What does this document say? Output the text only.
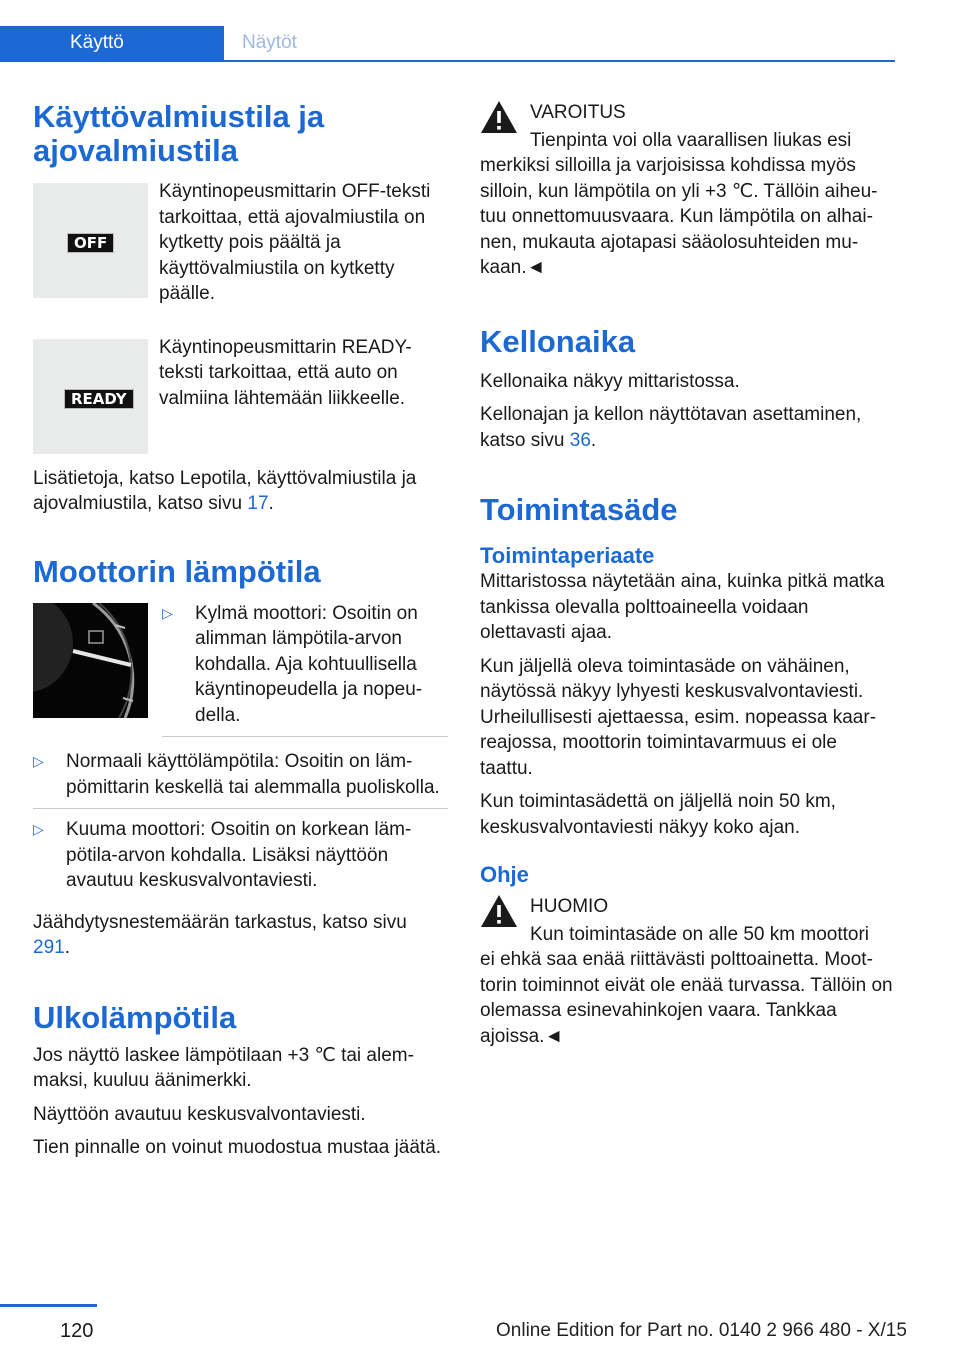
Käyttö	Näytöt
Käyttövalmiustila ja ajovalmiustila
OFF

Käyntinopeusmittarin OFF-teksti tarkoittaa, että ajovalmiustila on kytketty pois päältä ja käyttövalmiustila on kytketty päälle.

READY

Käyntinopeusmittarin READY-teksti tarkoittaa, että auto on valmiina lähtemään liikkeelle.

Lisätietoja, katso Lepotila, käyttövalmiustila ja ajovalmiustila, katso sivu 17.

Moottorin lämpötila
▷ Kylmä moottori: Osoitin on alimman lämpötila-arvon kohdalla. Aja kohtuullisella käyntinopeudella ja nopeudella.
▷ Normaali käyttölämpötila: Osoitin on lämpömittarin keskellä tai alemmalla puoliskolla.
▷ Kuuma moottori: Osoitin on korkean lämpötila-arvon kohdalla. Lisäksi näyttöön avautuu keskusvalvontaviesti.

Jäähdytysnestemäärän tarkastus, katso sivu 291.

Ulkolämpötila

Jos näyttö laskee lämpötilaan +3 ℃ tai alemmaksi, kuuluu äänimerkki.

Näyttöön avautuu keskusvalvontaviesti.

Tien pinnalle on voinut muodostua mustaa jäätä.

VAROITUS
Tienpinta voi olla vaarallisen liukas esi

merkiksi silloilla ja varjoisissa kohdissa myös silloin, kun lämpötila on yli +3 ℃. Tällöin aiheutuu onnettomuusvaara. Kun lämpötila on alhainen, mukauta ajotapasi sääolosuhteiden mukaan.◄

Kellonaika

Kellonaika näkyy mittaristossa.

Kellonajan ja kellon näyttötavan asettaminen, katso sivu 36.

Toimintasäde
Toimintaperiaate

Mittaristossa näytetään aina, kuinka pitkä matka tankissa olevalla polttoaineella voidaan olettavasti ajaa.

Kun jäljellä oleva toimintasäde on vähäinen, näytössä näkyy lyhyesti keskusvalvontaviesti. Urheilullisesti ajettaessa, esim. nopeassa kaarreajossa, moottorin toimintavarmuus ei ole taattu.

Kun toimintasädettä on jäljellä noin 50 km, keskusvalvontaviesti näkyy koko ajan.

Ohje
HUOMIO
Kun toimintasäde on alle 50 km moottori

ei ehkä saa enää riittävästi polttoainetta. Moottorin toiminnot eivät ole enää turvassa. Tällöin on olemassa esinevahinkojen vaara. Tankkaa ajoissa.◄

120	Online Edition for Part no. 0140 2 966 480 - X/15
